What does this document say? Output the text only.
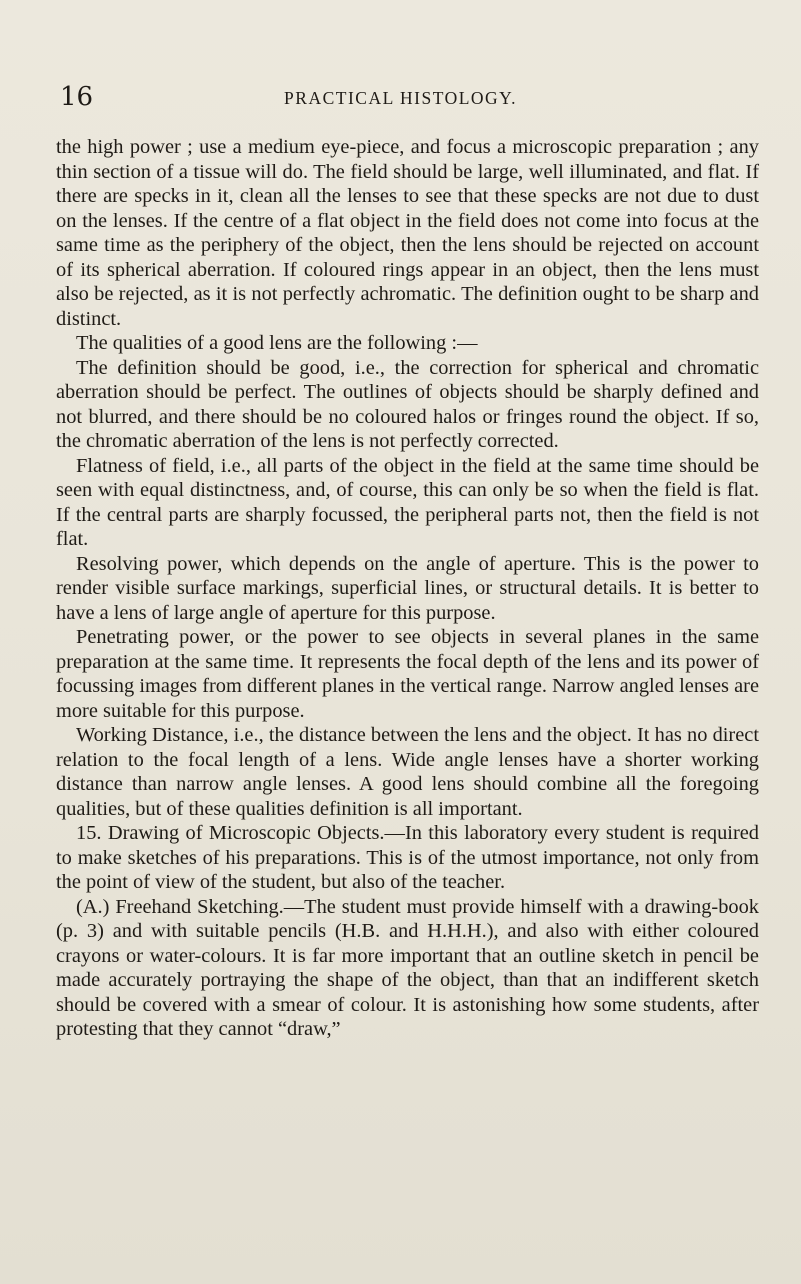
16	PRACTICAL HISTOLOGY.

the high power ; use a medium eye-piece, and focus a microscopic preparation ; any thin section of a tissue will do. The field should be large, well illuminated, and flat. If there are specks in it, clean all the lenses to see that these specks are not due to dust on the lenses. If the centre of a flat object in the field does not come into focus at the same time as the periphery of the object, then the lens should be rejected on account of its spherical aberration. If coloured rings appear in an object, then the lens must also be rejected, as it is not perfectly achromatic. The definition ought to be sharp and distinct.

The qualities of a good lens are the following :—

The definition should be good, i.e., the correction for spherical and chromatic aberration should be perfect. The outlines of objects should be sharply defined and not blurred, and there should be no coloured halos or fringes round the object. If so, the chromatic aberration of the lens is not perfectly corrected.

Flatness of field, i.e., all parts of the object in the field at the same time should be seen with equal distinctness, and, of course, this can only be so when the field is flat. If the central parts are sharply focussed, the peripheral parts not, then the field is not flat.

Resolving power, which depends on the angle of aperture. This is the power to render visible surface markings, superficial lines, or structural details. It is better to have a lens of large angle of aperture for this purpose.

Penetrating power, or the power to see objects in several planes in the same preparation at the same time. It represents the focal depth of the lens and its power of focussing images from different planes in the vertical range. Narrow angled lenses are more suitable for this purpose.

Working Distance, i.e., the distance between the lens and the object. It has no direct relation to the focal length of a lens. Wide angle lenses have a shorter working distance than narrow angle lenses. A good lens should combine all the foregoing qualities, but of these qualities definition is all important.

15. Drawing of Microscopic Objects.—In this laboratory every student is required to make sketches of his preparations. This is of the utmost importance, not only from the point of view of the student, but also of the teacher.

(A.) Freehand Sketching.—The student must provide himself with a drawing-book (p. 3) and with suitable pencils (H.B. and H.H.H.), and also with either coloured crayons or water-colours. It is far more important that an outline sketch in pencil be made accurately portraying the shape of the object, than that an indifferent sketch should be covered with a smear of colour. It is astonishing how some students, after protesting that they cannot “draw,”
